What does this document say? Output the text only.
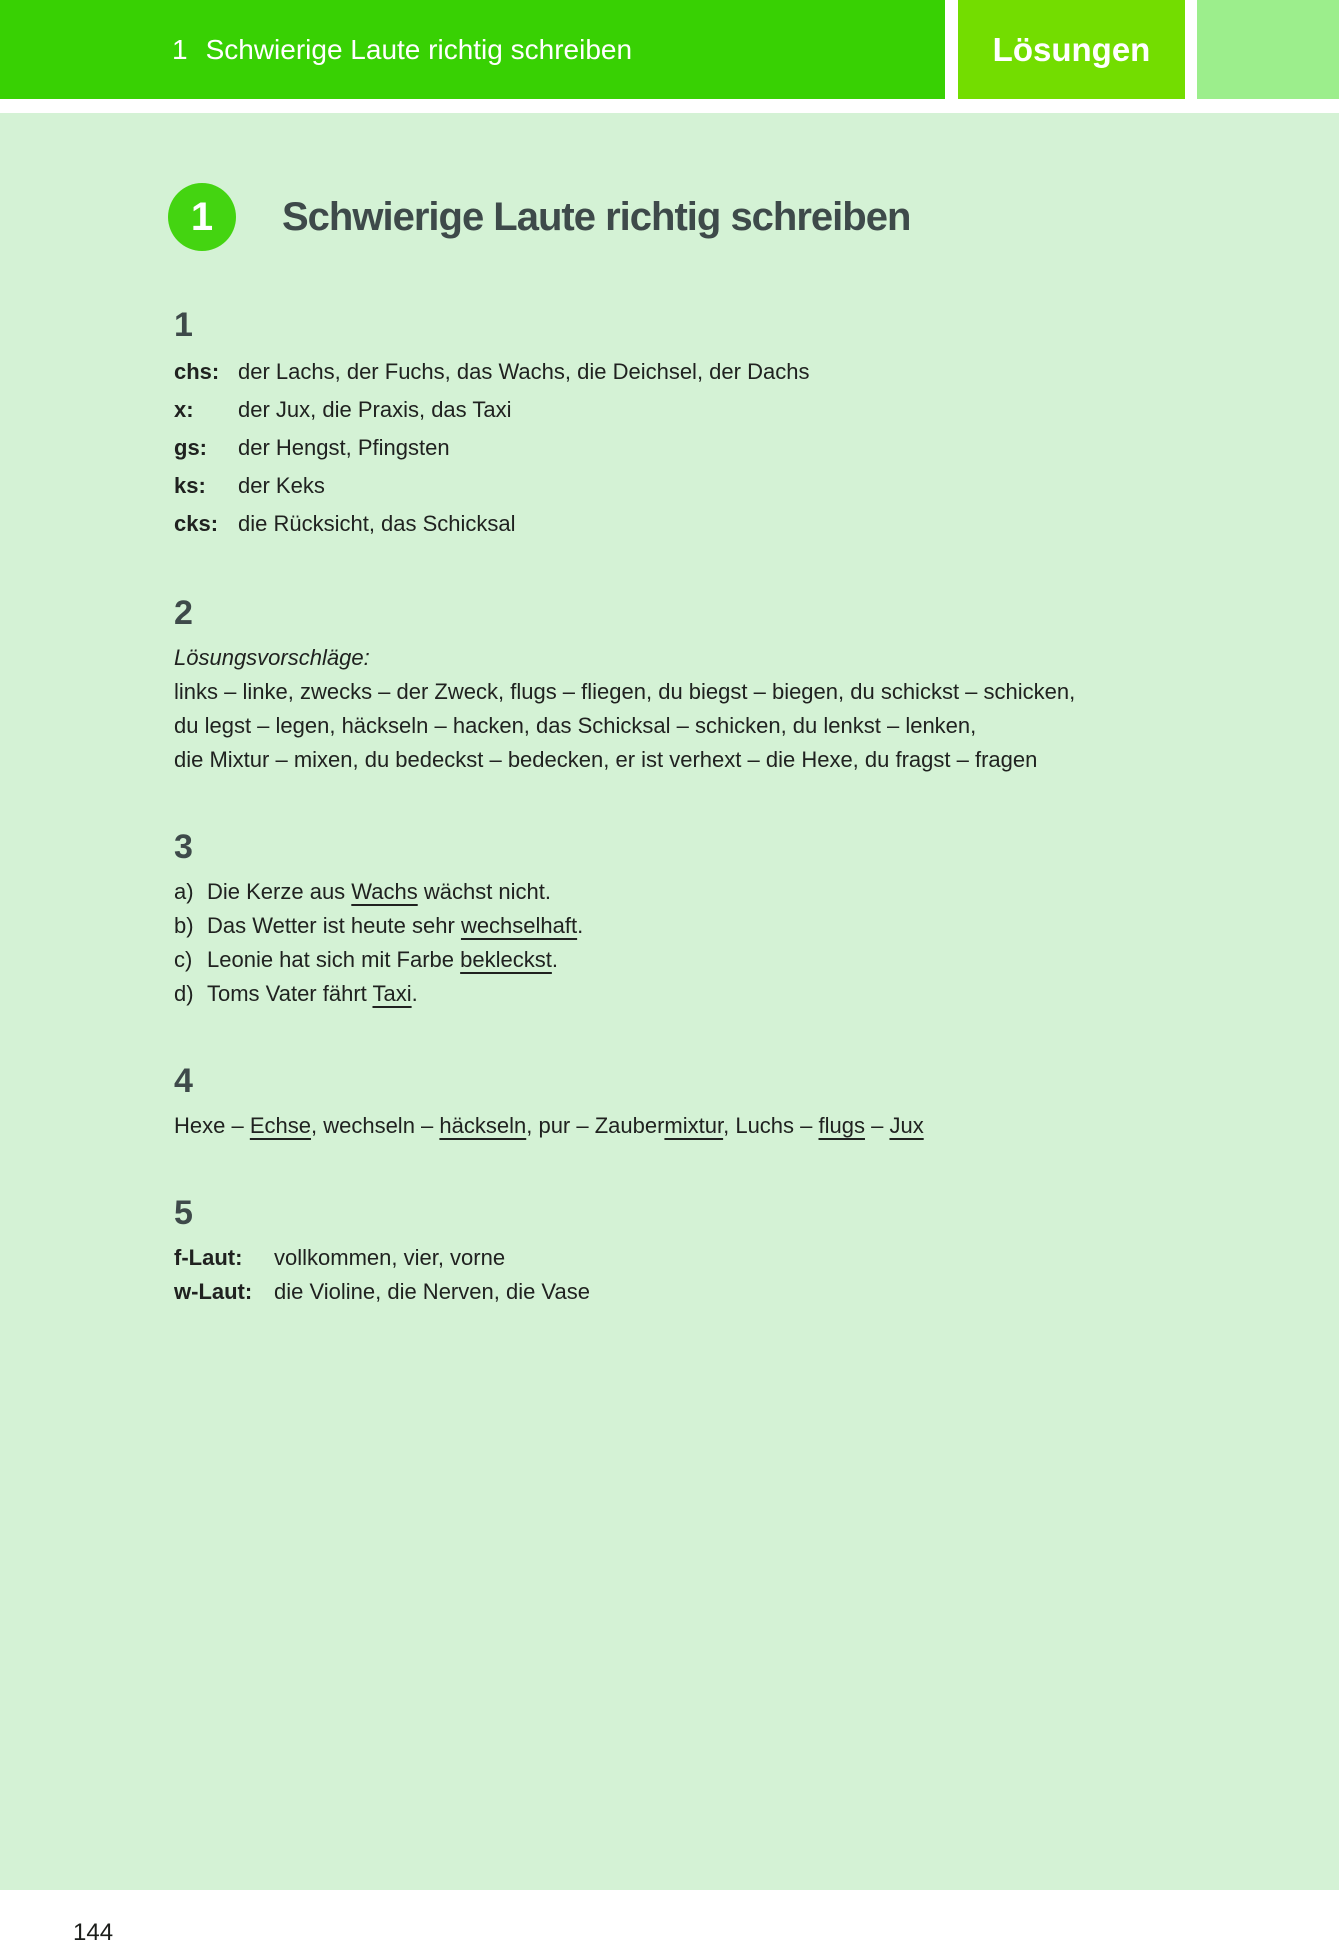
1 Schwierige Laute richtig schreiben	Lösungen
1 Schwierige Laute richtig schreiben
1
chs: der Lachs, der Fuchs, das Wachs, die Deichsel, der Dachs
x:	der Jux, die Praxis, das Taxi
gs:	der Hengst, Pfingsten
ks:	der Keks
cks: die Rücksicht, das Schicksal
2

Lösungsvorschläge:

links – linke, zwecks – der Zweck, flugs – fliegen, du biegst – biegen, du schickst – schicken,

du legst – legen, häckseln – hacken, das Schicksal – schicken, du lenkst – lenken,

die Mixtur – mixen, du bedeckst – bedecken, er ist verhext – die Hexe, du fragst – fragen

3
a) Die Kerze aus Wachs wächst nicht.
b) Das Wetter ist heute sehr wechselhaft.
c) Leonie hat sich mit Farbe bekleckst.
d) Toms Vater fährt Taxi.
4

Hexe – Echse, wechseln – häckseln, pur – Zaubermixtur, Luchs – flugs – Jux

5
f-Laut:	vollkommen, vier, vorne
w-Laut: die Violine, die Nerven, die Vase
144
